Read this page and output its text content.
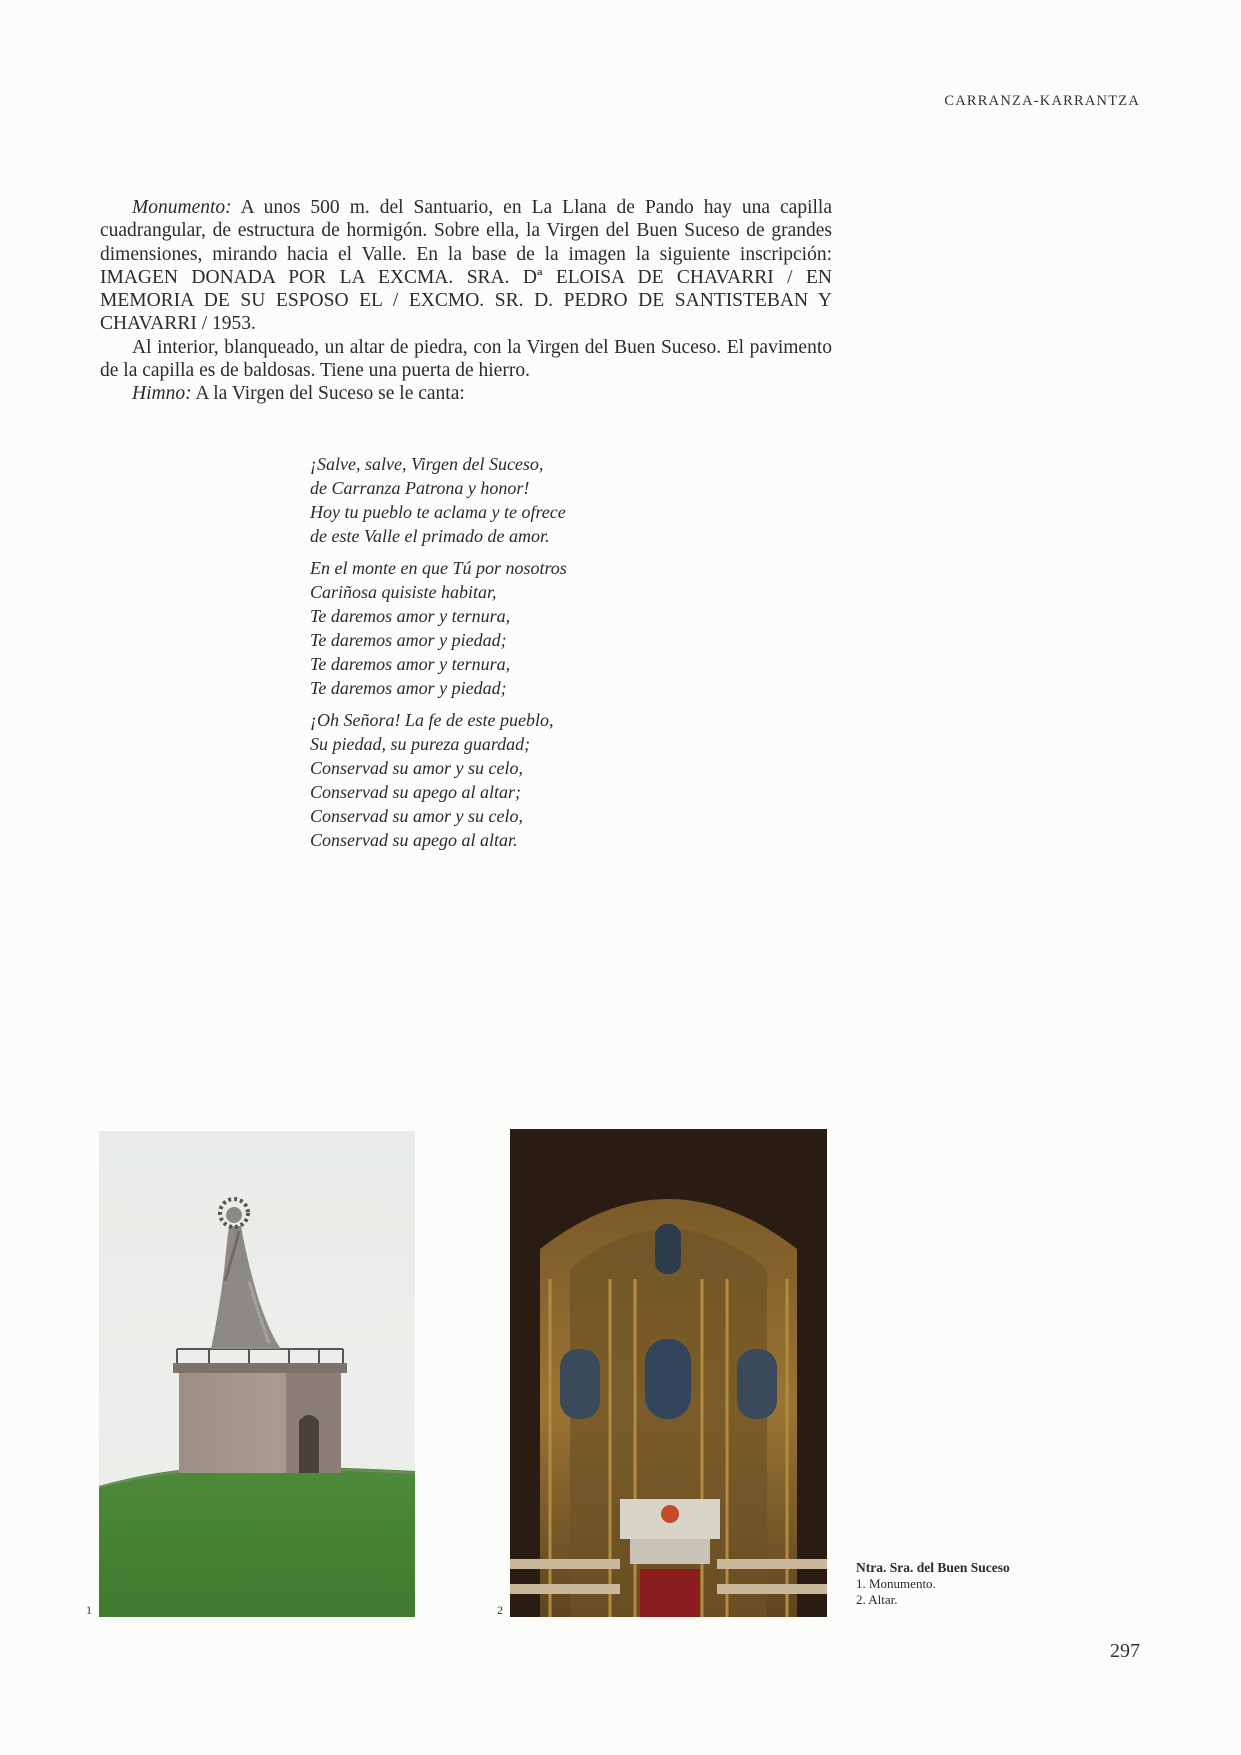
CARRANZA-KARRANTZA

Monumento: A unos 500 m. del Santuario, en La Llana de Pando hay una capilla cuadrangular, de estructura de hormigón. Sobre ella, la Virgen del Buen Suceso de grandes dimensiones, mirando hacia el Valle. En la base de la imagen la siguiente inscripción: IMAGEN DONADA POR LA EXCMA. SRA. Dª ELOISA DE CHAVARRI / EN MEMORIA DE SU ESPOSO EL / EXCMO. SR. D. PEDRO DE SANTISTEBAN Y CHAVARRI / 1953.

Al interior, blanqueado, un altar de piedra, con la Virgen del Buen Suceso. El pavimento de la capilla es de baldosas. Tiene una puerta de hierro.

Himno: A la Virgen del Suceso se le canta:

¡Salve, salve, Virgen del Suceso,
de Carranza Patrona y honor!
Hoy tu pueblo te aclama y te ofrece
de este Valle el primado de amor.
En el monte en que Tú por nosotros
Cariñosa quisiste habitar,
Te daremos amor y ternura,
Te daremos amor y piedad;
Te daremos amor y ternura,
Te daremos amor y piedad;
¡Oh Señora! La fe de este pueblo,
Su piedad, su pureza guardad;
Conservad su amor y su celo,
Conservad su apego al altar;
Conservad su amor y su celo,
Conservad su apego al altar.
1	2
Ntra. Sra. del Buen Suceso
1. Monumento.
2. Altar.
297
